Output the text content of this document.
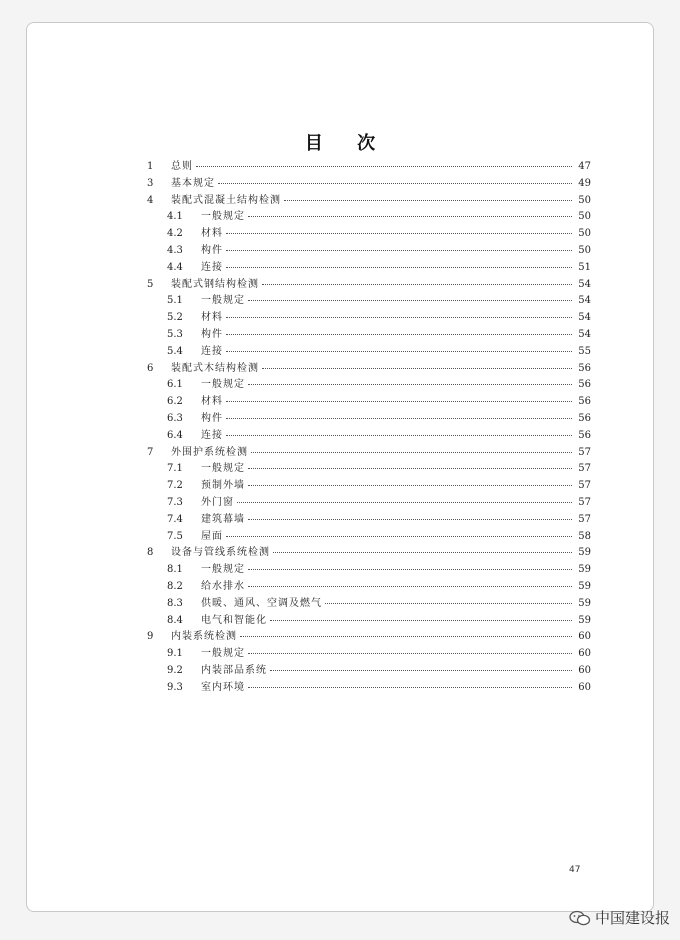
目 次
1	总则	47
3	基本规定	49
4	装配式混凝土结构检测	50
4.1	一般规定	50
4.2	材料	50
4.3	构件	50
4.4	连接	51
5	装配式钢结构检测	54
5.1	一般规定	54
5.2	材料	54
5.3	构件	54
5.4	连接	55
6	装配式木结构检测	56
6.1	一般规定	56
6.2	材料	56
6.3	构件	56
6.4	连接	56
7	外围护系统检测	57
7.1	一般规定	57
7.2	预制外墙	57
7.3	外门窗	57
7.4	建筑幕墙	57
7.5	屋面	58
8	设备与管线系统检测	59
8.1	一般规定	59
8.2	给水排水	59
8.3	供暖、通风、空调及燃气	59
8.4	电气和智能化	59
9	内装系统检测	60
9.1	一般规定	60
9.2	内装部品系统	60
9.3	室内环境	60
47
中国建设报
